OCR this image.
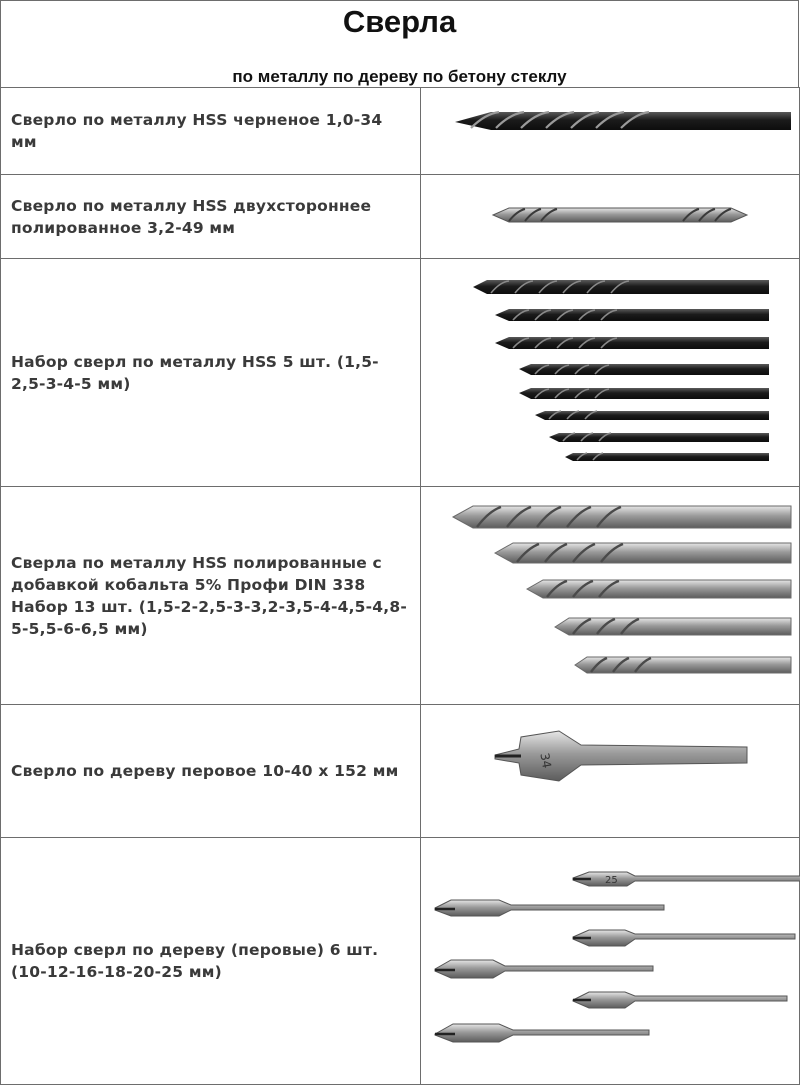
Сверла
по металлу по дереву по бетону стеклу
Сверло по металлу HSS черненое 1,0-34 мм	

Сверло по металлу HSS двухстороннее полированное 3,2-49 мм	

Набор сверл по металлу HSS 5 шт. (1,5-2,5-3-4-5 мм)	

Сверла по металлу HSS полированные с добавкой кобальта 5% Профи DIN 338 Набор 13 шт. (1,5-2-2,5-3-3,2-3,5-4-4,5-4,8-5-5,5-6-6,5 мм)	

Сверло по дереву перовое 10-40 х 152 мм	34

Набор сверл по дереву (перовые) 6 шт. (10-12-16-18-20-25 мм)	25
